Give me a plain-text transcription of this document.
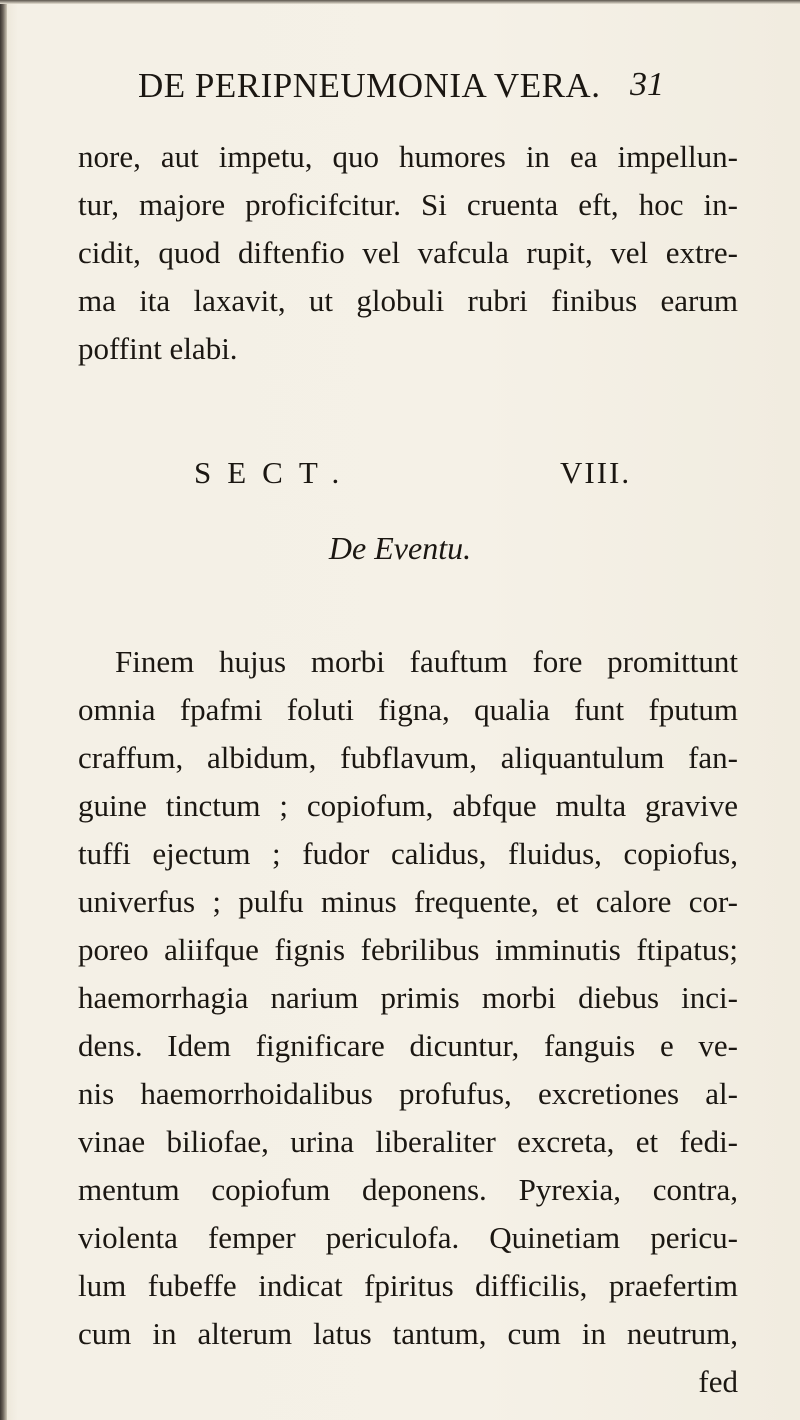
DE PERIPNEUMONIA VERA. 31
nore, aut impetu, quo humores in ea impellun-
tur, majore proficifcitur. Si cruenta eft, hoc in-
cidit, quod diftenfio vel vafcula rupit, vel extre-
ma ita laxavit, ut globuli rubri finibus earum
poffint elabi.
SECT.	VIII.
De Eventu.
Finem hujus morbi fauftum fore promittunt
omnia fpafmi foluti figna, qualia funt fputum
craffum, albidum, fubflavum, aliquantulum fan-
guine tinctum ; copiofum, abfque multa gravive
tuffi ejectum ; fudor calidus, fluidus, copiofus,
univerfus ; pulfu minus frequente, et calore cor-
poreo aliifque fignis febrilibus imminutis ftipatus;
haemorrhagia narium primis morbi diebus inci-
dens. Idem fignificare dicuntur, fanguis e ve-
nis haemorrhoidalibus profufus, excretiones al-
vinae biliofae, urina liberaliter excreta, et fedi-
mentum copiofum deponens. Pyrexia, contra,
violenta femper periculofa. Quinetiam pericu-
lum fubeffe indicat fpiritus difficilis, praefertim
cum in alterum latus tantum, cum in neutrum,
fed
